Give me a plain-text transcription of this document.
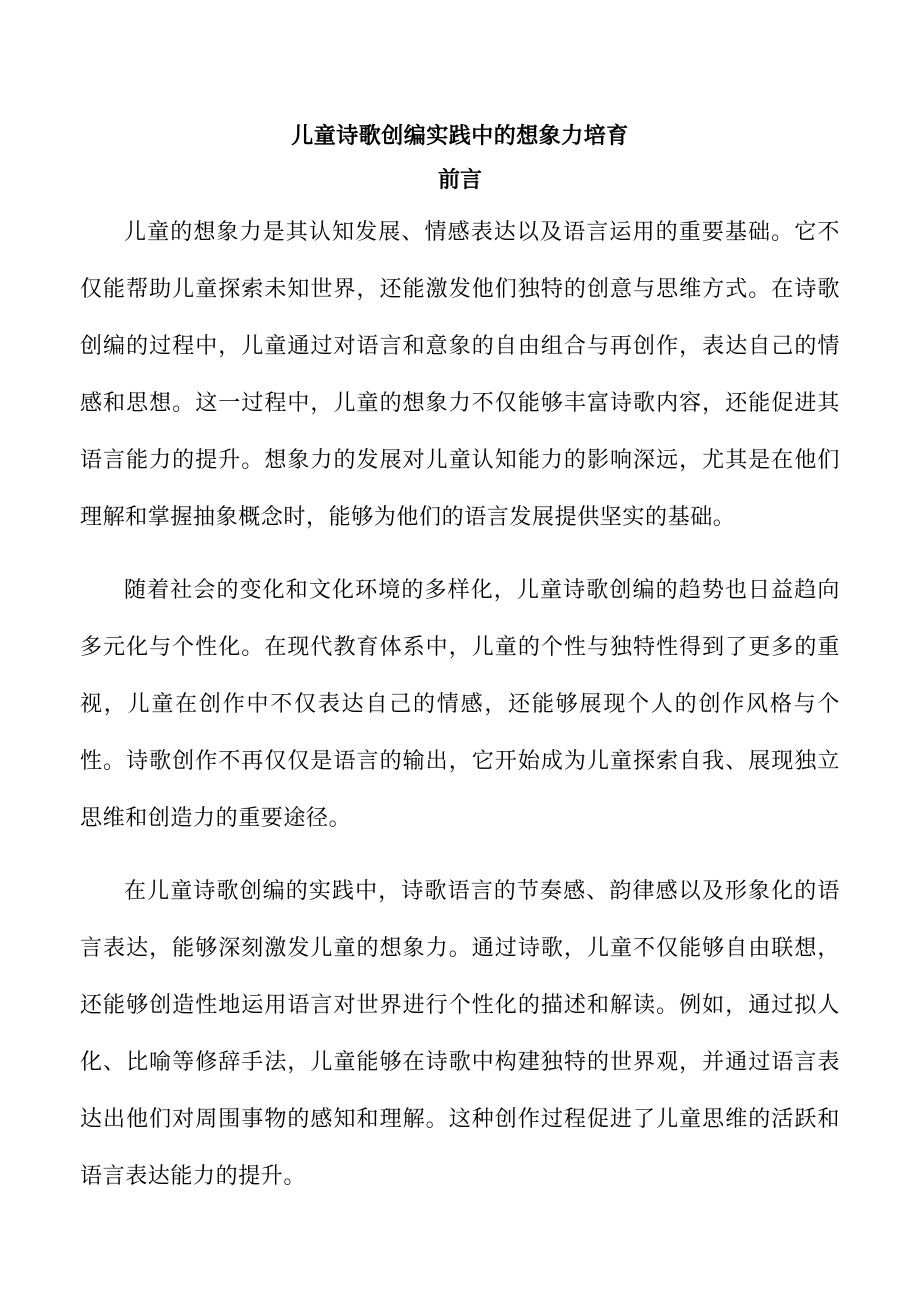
儿童诗歌创编实践中的想象力培育
前言

儿童的想象力是其认知发展、情感表达以及语言运用的重要基础。它不仅能帮助儿童探索未知世界，还能激发他们独特的创意与思维方式。在诗歌创编的过程中，儿童通过对语言和意象的自由组合与再创作，表达自己的情感和思想。这一过程中，儿童的想象力不仅能够丰富诗歌内容，还能促进其语言能力的提升。想象力的发展对儿童认知能力的影响深远，尤其是在他们理解和掌握抽象概念时，能够为他们的语言发展提供坚实的基础。

随着社会的变化和文化环境的多样化，儿童诗歌创编的趋势也日益趋向多元化与个性化。在现代教育体系中，儿童的个性与独特性得到了更多的重视，儿童在创作中不仅表达自己的情感，还能够展现个人的创作风格与个性。诗歌创作不再仅仅是语言的输出，它开始成为儿童探索自我、展现独立思维和创造力的重要途径。

在儿童诗歌创编的实践中，诗歌语言的节奏感、韵律感以及形象化的语言表达，能够深刻激发儿童的想象力。通过诗歌，儿童不仅能够自由联想，还能够创造性地运用语言对世界进行个性化的描述和解读。例如，通过拟人化、比喻等修辞手法，儿童能够在诗歌中构建独特的世界观，并通过语言表达出他们对周围事物的感知和理解。这种创作过程促进了儿童思维的活跃和语言表达能力的提升。
